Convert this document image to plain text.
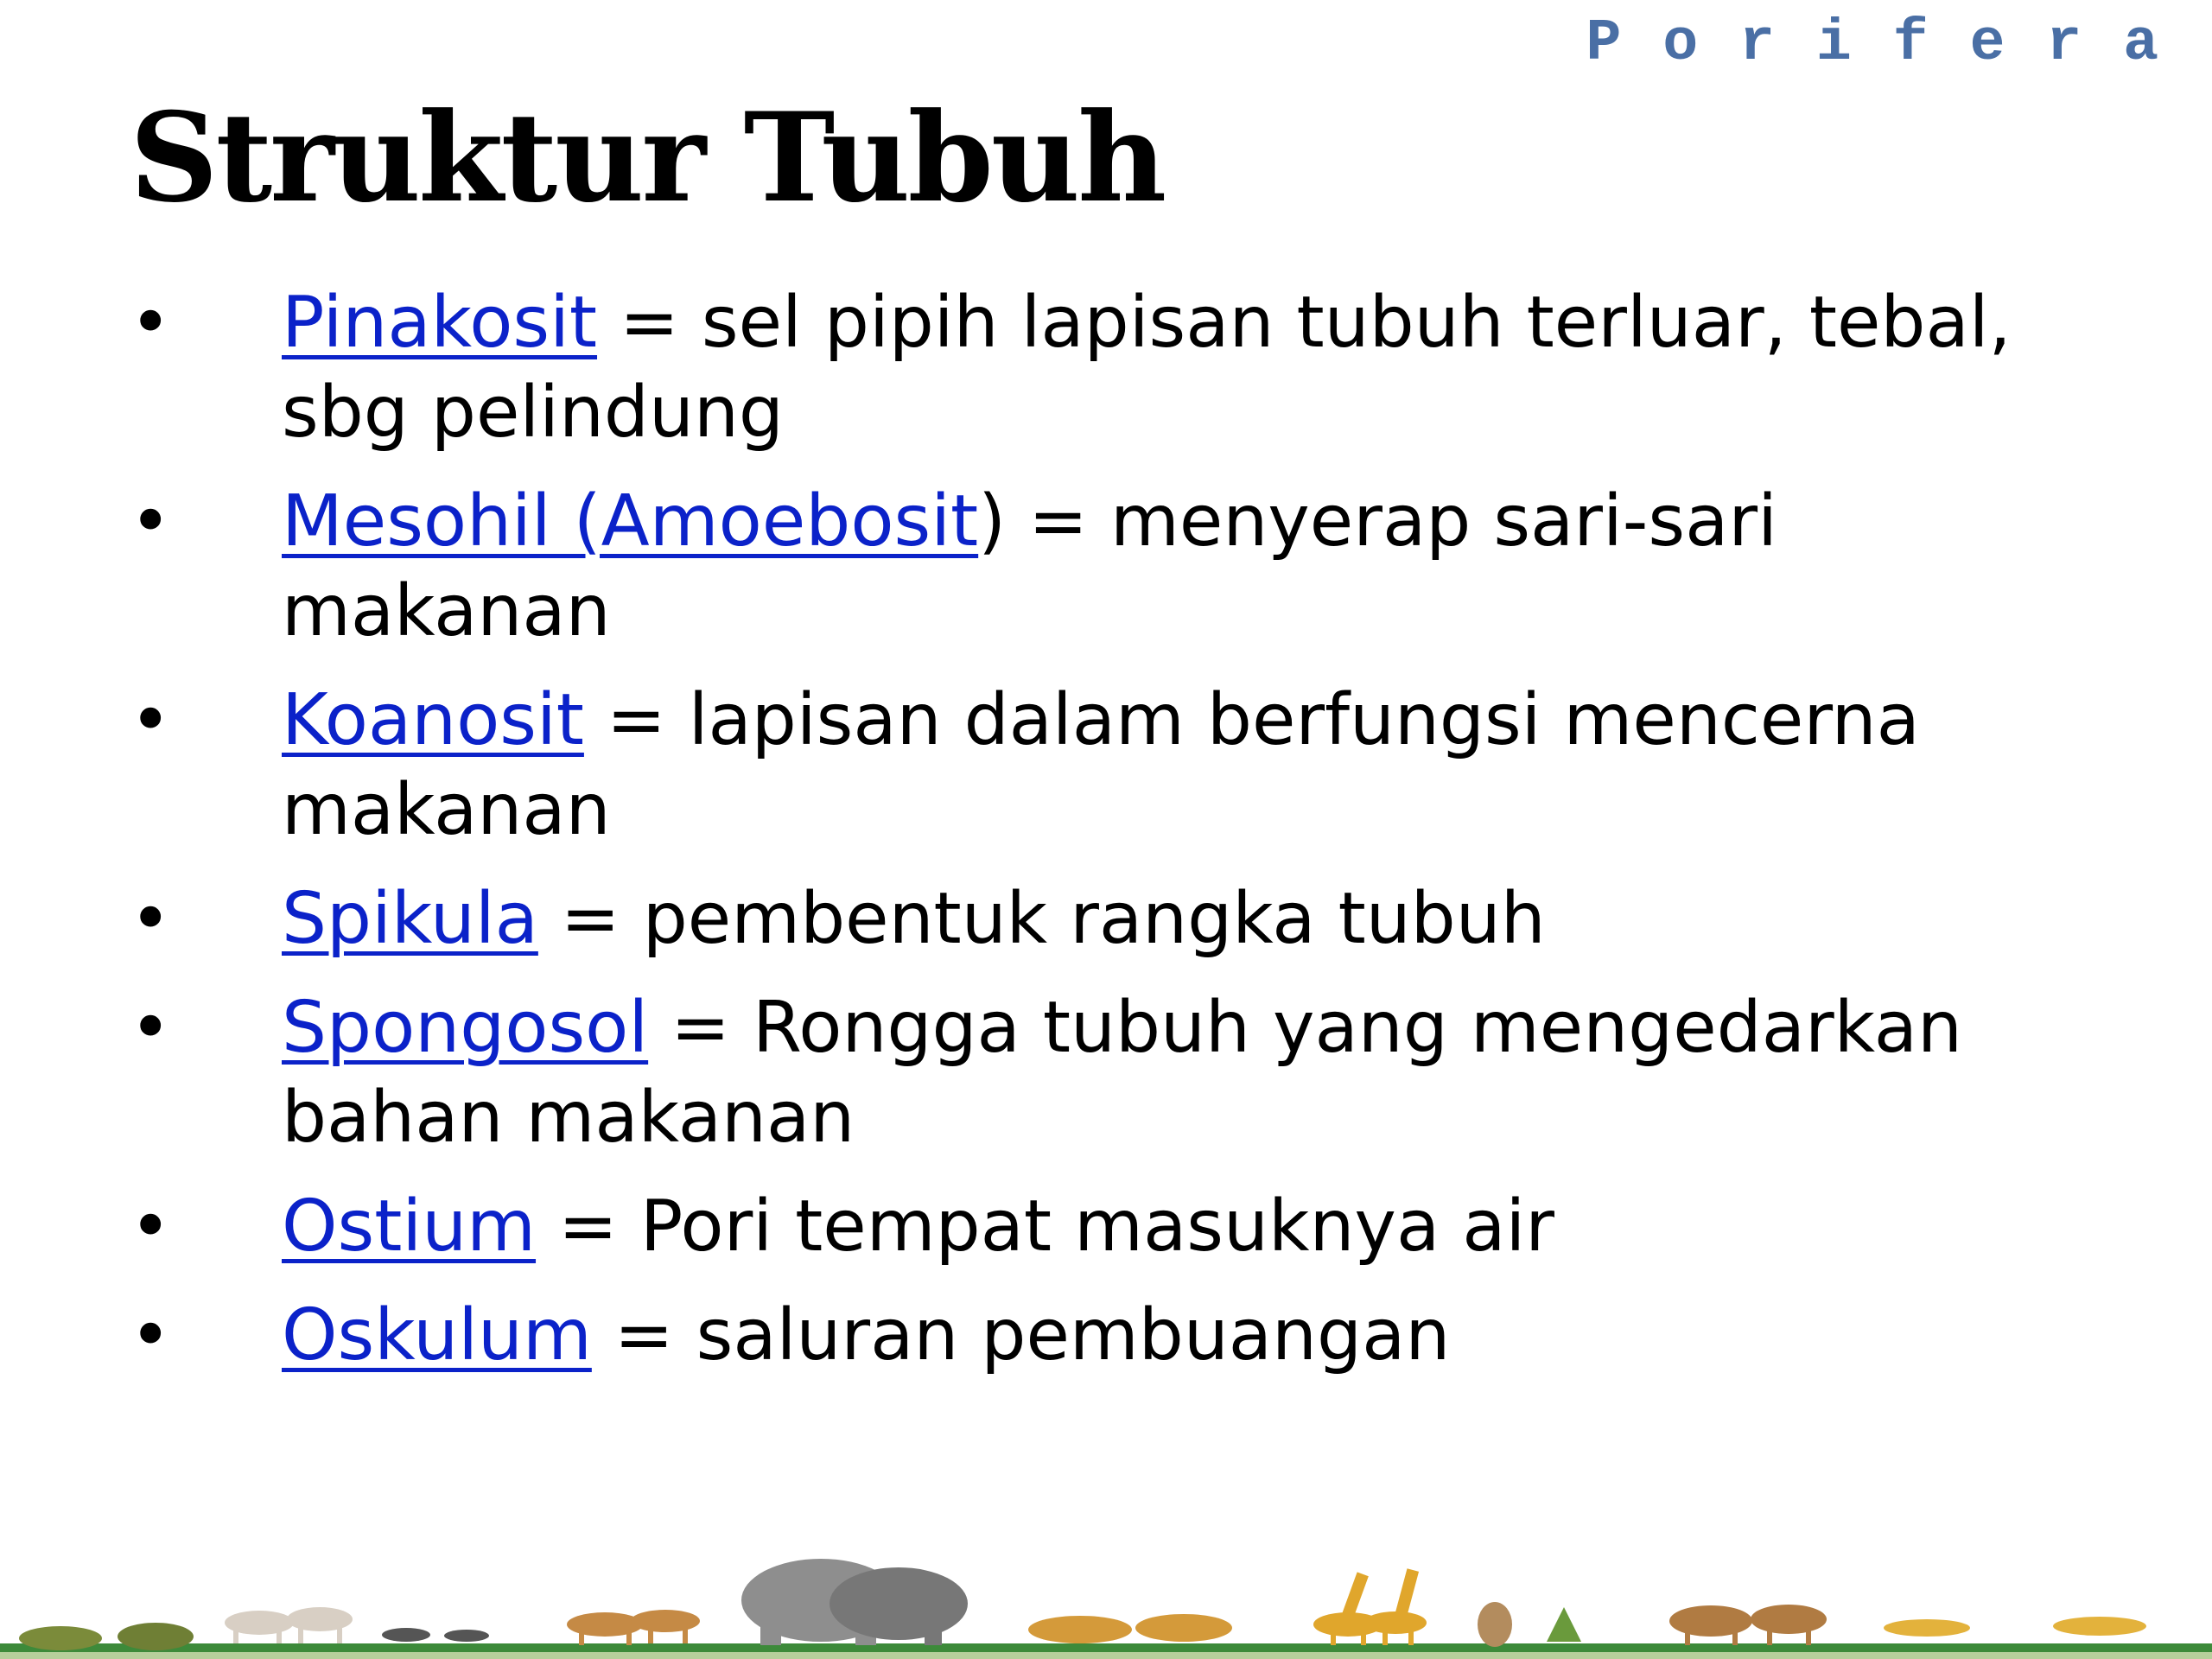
Porifera
Struktur Tubuh
• Pinakosit = sel pipih lapisan tubuh terluar, tebal, sbg pelindung
• Mesohil (Amoebosit) = menyerap sari-sari makanan
• Koanosit = lapisan dalam berfungsi mencerna makanan
• Spikula = pembentuk rangka tubuh
• Spongosol = Rongga tubuh yang mengedarkan bahan makanan
• Ostium = Pori tempat masuknya air
• Oskulum = saluran pembuangan
